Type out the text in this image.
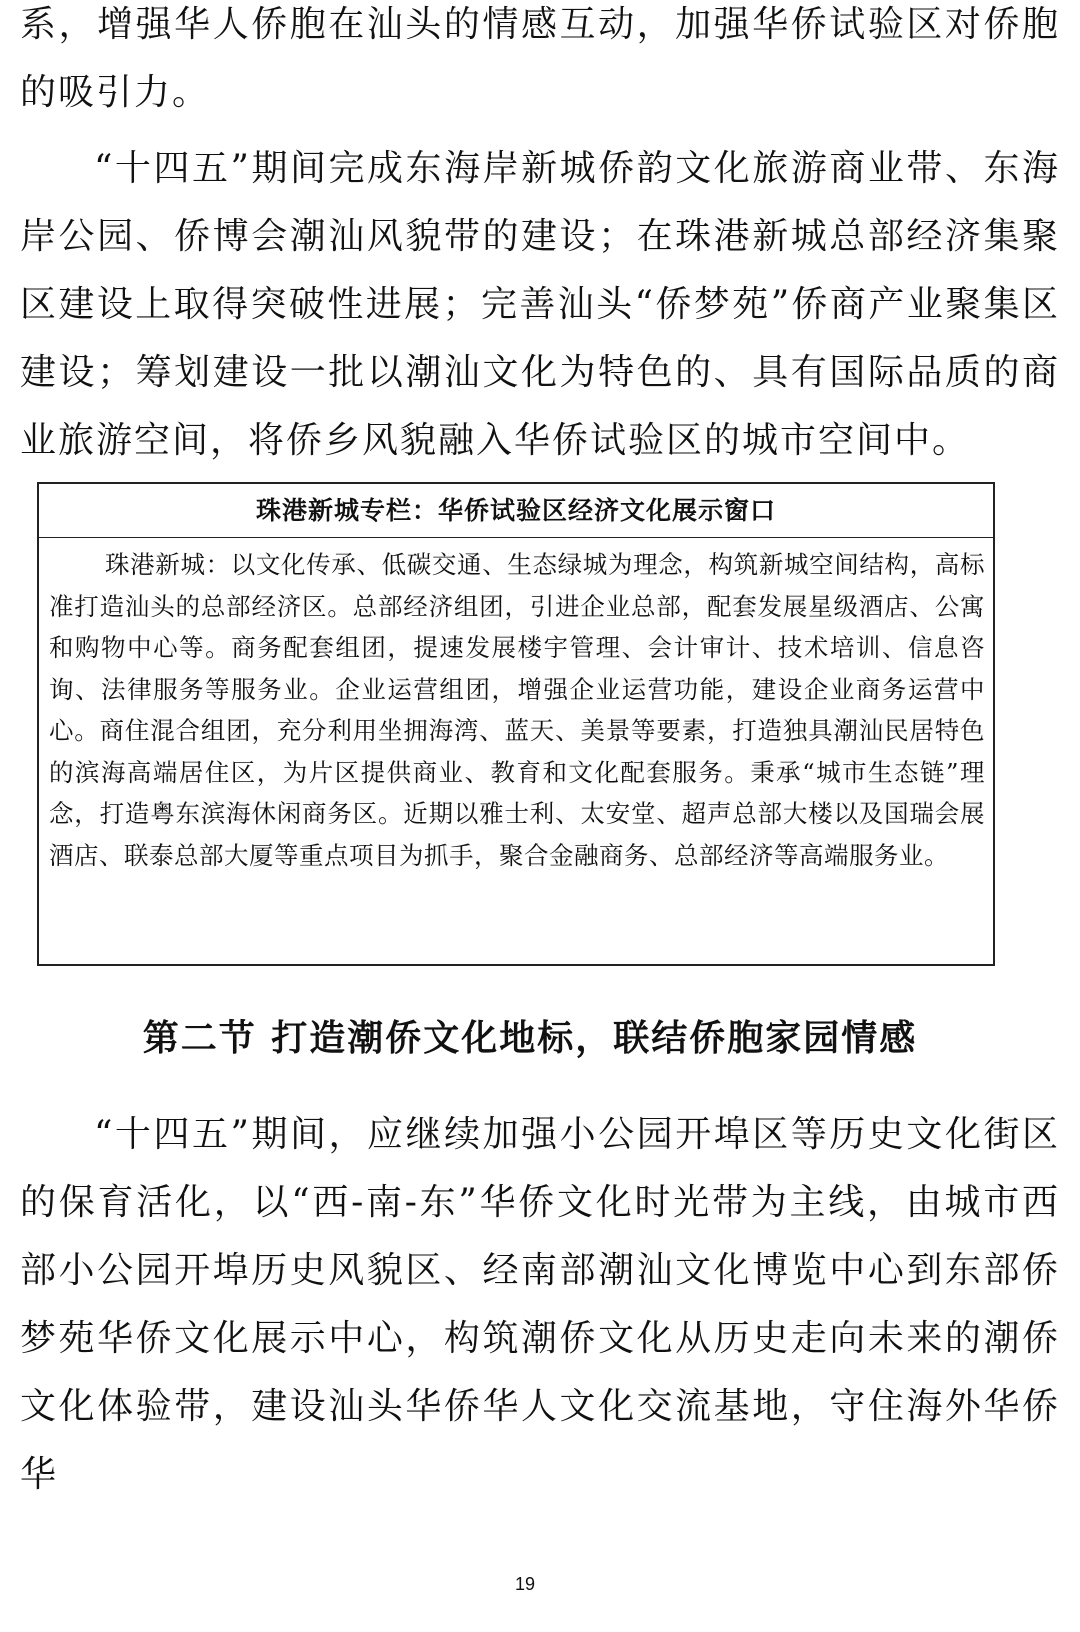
系，增强华人侨胞在汕头的情感互动，加强华侨试验区对侨胞的吸引力。

“十四五”期间完成东海岸新城侨韵文化旅游商业带、东海岸公园、侨博会潮汕风貌带的建设；在珠港新城总部经济集聚区建设上取得突破性进展；完善汕头“侨梦苑”侨商产业聚集区建设；筹划建设一批以潮汕文化为特色的、具有国际品质的商业旅游空间，将侨乡风貌融入华侨试验区的城市空间中。

珠港新城专栏：华侨试验区经济文化展示窗口
珠港新城：以文化传承、低碳交通、生态绿城为理念，构筑新城空间结构，高标准打造汕头的总部经济区。总部经济组团，引进企业总部，配套发展星级酒店、公寓和购物中心等。商务配套组团，提速发展楼宇管理、会计审计、技术培训、信息咨询、法律服务等服务业。企业运营组团，增强企业运营功能，建设企业商务运营中心。商住混合组团，充分利用坐拥海湾、蓝天、美景等要素，打造独具潮汕民居特色的滨海高端居住区，为片区提供商业、教育和文化配套服务。秉承“城市生态链”理念，打造粤东滨海休闲商务区。近期以雅士利、太安堂、超声总部大楼以及国瑞会展酒店、联泰总部大厦等重点项目为抓手，聚合金融商务、总部经济等高端服务业。
第二节 打造潮侨文化地标，联结侨胞家园情感

“十四五”期间，应继续加强小公园开埠区等历史文化街区的保育活化，以“西-南-东”华侨文化时光带为主线，由城市西部小公园开埠历史风貌区、经南部潮汕文化博览中心到东部侨梦苑华侨文化展示中心，构筑潮侨文化从历史走向未来的潮侨文化体验带，建设汕头华侨华人文化交流基地，守住海外华侨华

19
